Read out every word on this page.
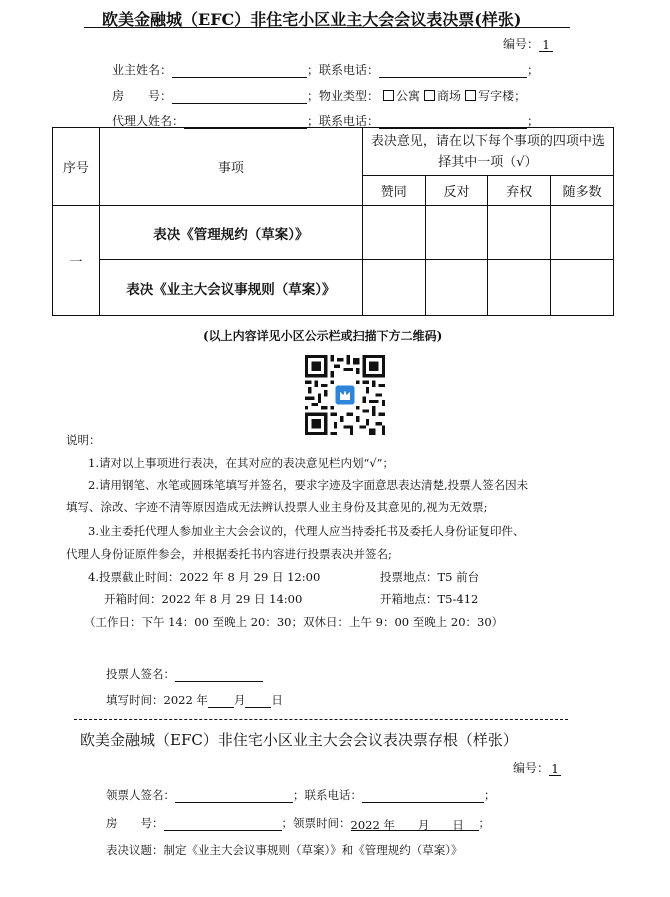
欧美金融城（EFC）非住宅小区业主大会会议表决票(样张)
编号： 1
业主姓名：	；联系电话：	；
房　　号：	；物业类型： 公寓 商场 写字楼；
代理人姓名：	；联系电话：	；
序号	事项	表决意见，请在以下每个事项的四项中选择其中一项（√）			
		赞同	反对	弃权	随多数
一	表决《管理规约（草案）》				
	表决《业主大会议事规则（草案）》				
(以上内容详见小区公示栏或扫描下方二维码)
说明：
1.请对以上事项进行表决，在其对应的表决意见栏内划“√”；
2.请用钢笔、水笔或圆珠笔填写并签名，要求字迹及字面意思表达清楚,投票人签名因未
填写、涂改、字迹不清等原因造成无法辨认投票人业主身份及其意见的,视为无效票;
3.业主委托代理人参加业主大会会议的，代理人应当持委托书及委托人身份证复印件、
代理人身份证原件参会，并根据委托书内容进行投票表决并签名;
4.投票截止时间：2022 年 8 月 29 日 12:00	投票地点：T5 前台
开箱时间：2022 年 8 月 29 日 14:00	开箱地点：T5-412
（工作日：下午 14：00 至晚上 20：30；双休日：上午 9：00 至晚上 20：30）
投票人签名：
填写时间：2022 年 月 日
欧美金融城（EFC）非住宅小区业主大会会议表决票存根（样张）
编号： 1
领票人签名：	；联系电话：	；
房　　号：	；领票时间：2022 年　　月　　日 ；
表决议题：制定《业主大会议事规则（草案）》和《管理规约（草案）》
